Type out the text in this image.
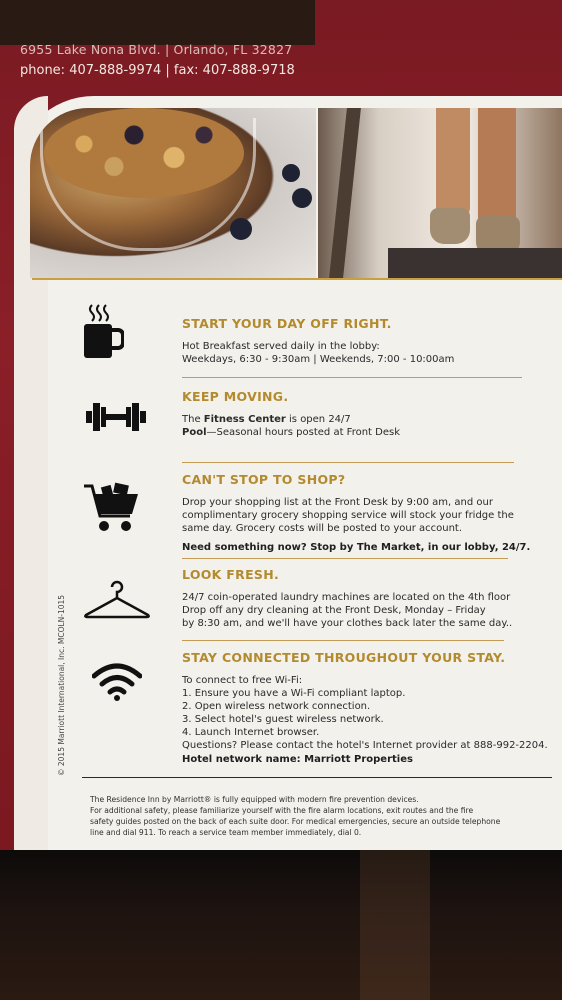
6955 Lake Nona Blvd. | Orlando, FL 32827
phone: 407-888-9974 | fax: 407-888-9718
© 2015 Marriott International, Inc. MCOLN-1015
START YOUR DAY OFF RIGHT.

Hot Breakfast served daily in the lobby:

Weekdays, 6:30 - 9:30am | Weekends, 7:00 - 10:00am

KEEP MOVING.

The Fitness Center is open 24/7

Pool—Seasonal hours posted at Front Desk

CAN'T STOP TO SHOP?

Drop your shopping list at the Front Desk by 9:00 am, and our

complimentary grocery shopping service will stock your fridge the

same day. Grocery costs will be posted to your account.

Need something now? Stop by The Market, in our lobby, 24/7.
LOOK FRESH.

24/7 coin-operated laundry machines are located on the 4th floor

Drop off any dry cleaning at the Front Desk, Monday – Friday

by 8:30 am, and we'll have your clothes back later the same day..

STAY CONNECTED THROUGHOUT YOUR STAY.

To connect to free Wi-Fi:

1. Ensure you have a Wi-Fi compliant laptop.

2. Open wireless network connection.

3. Select hotel's guest wireless network.

4. Launch Internet browser.

Questions? Please contact the hotel's Internet provider at 888-992-2204.

Hotel network name: Marriott Properties
The Residence Inn by Marriott® is fully equipped with modern fire prevention devices.
For additional safety, please familiarize yourself with the fire alarm locations, exit routes and the fire
safety guides posted on the back of each suite door. For medical emergencies, secure an outside telephone
line and dial 911. To reach a service team member immediately, dial 0.
